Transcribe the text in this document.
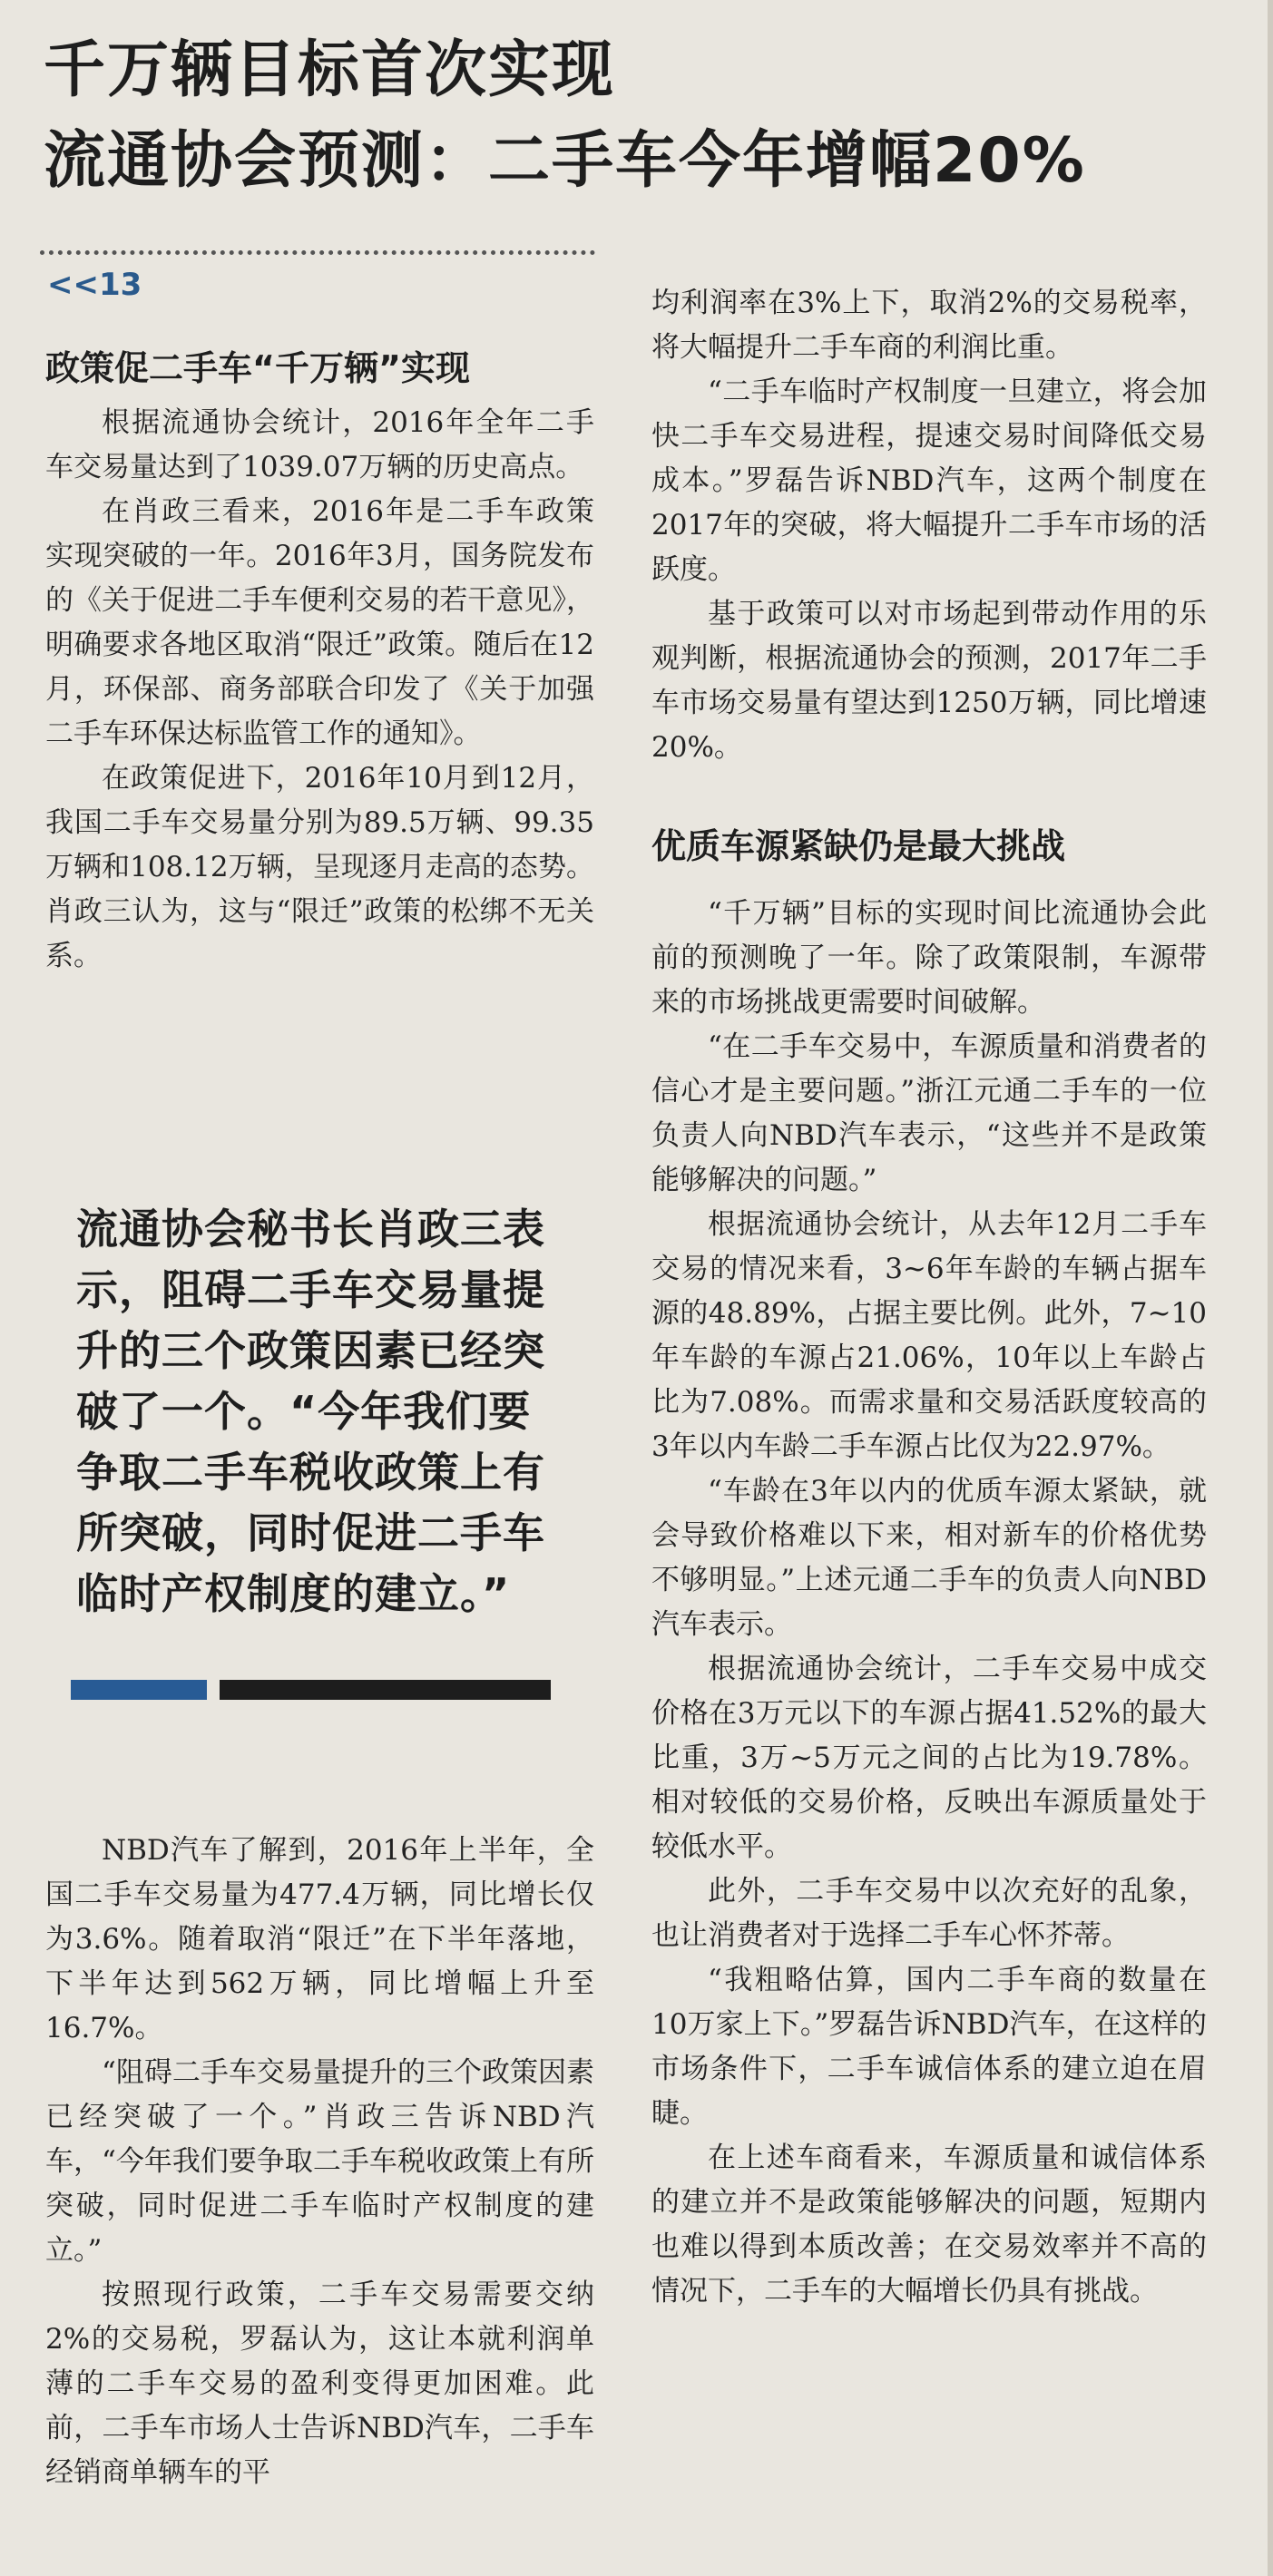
千万辆目标首次实现
流通协会预测：二手车今年增幅20%
<<13

政策促二手车“千万辆”实现

根据流通协会统计，2016年全年二手车交易量达到了1039.07万辆的历史高点。

在肖政三看来，2016年是二手车政策实现突破的一年。2016年3月，国务院发布的《关于促进二手车便利交易的若干意见》，明确要求各地区取消“限迁”政策。随后在12月，环保部、商务部联合印发了《关于加强二手车环保达标监管工作的通知》。

在政策促进下，2016年10月到12月，我国二手车交易量分别为89.5万辆、99.35万辆和108.12万辆，呈现逐月走高的态势。肖政三认为，这与“限迁”政策的松绑不无关系。

流通协会秘书长肖政三表示，阻碍二手车交易量提升的三个政策因素已经突破了一个。“今年我们要争取二手车税收政策上有所突破，同时促进二手车临时产权制度的建立。”

NBD汽车了解到，2016年上半年，全国二手车交易量为477.4万辆，同比增长仅为3.6%。随着取消“限迁”在下半年落地，下半年达到562万辆，同比增幅上升至16.7%。

“阻碍二手车交易量提升的三个政策因素已经突破了一个。”肖政三告诉NBD汽车，“今年我们要争取二手车税收政策上有所突破，同时促进二手车临时产权制度的建立。”

按照现行政策，二手车交易需要交纳2%的交易税，罗磊认为，这让本就利润单薄的二手车交易的盈利变得更加困难。此前，二手车市场人士告诉NBD汽车，二手车经销商单辆车的平

均利润率在3%上下，取消2%的交易税率，将大幅提升二手车商的利润比重。

“二手车临时产权制度一旦建立，将会加快二手车交易进程，提速交易时间降低交易成本。”罗磊告诉NBD汽车，这两个制度在2017年的突破，将大幅提升二手车市场的活跃度。

基于政策可以对市场起到带动作用的乐观判断，根据流通协会的预测，2017年二手车市场交易量有望达到1250万辆，同比增速20%。

优质车源紧缺仍是最大挑战

“千万辆”目标的实现时间比流通协会此前的预测晚了一年。除了政策限制，车源带来的市场挑战更需要时间破解。

“在二手车交易中，车源质量和消费者的信心才是主要问题。”浙江元通二手车的一位负责人向NBD汽车表示，“这些并不是政策能够解决的问题。”

根据流通协会统计，从去年12月二手车交易的情况来看，3~6年车龄的车辆占据车源的48.89%，占据主要比例。此外，7~10年车龄的车源占21.06%，10年以上车龄占比为7.08%。而需求量和交易活跃度较高的3年以内车龄二手车源占比仅为22.97%。

“车龄在3年以内的优质车源太紧缺，就会导致价格难以下来，相对新车的价格优势不够明显。”上述元通二手车的负责人向NBD汽车表示。

根据流通协会统计，二手车交易中成交价格在3万元以下的车源占据41.52%的最大比重，3万~5万元之间的占比为19.78%。相对较低的交易价格，反映出车源质量处于较低水平。

此外，二手车交易中以次充好的乱象，也让消费者对于选择二手车心怀芥蒂。

“我粗略估算，国内二手车商的数量在10万家上下。”罗磊告诉NBD汽车，在这样的市场条件下，二手车诚信体系的建立迫在眉睫。

在上述车商看来，车源质量和诚信体系的建立并不是政策能够解决的问题，短期内也难以得到本质改善；在交易效率并不高的情况下，二手车的大幅增长仍具有挑战。
